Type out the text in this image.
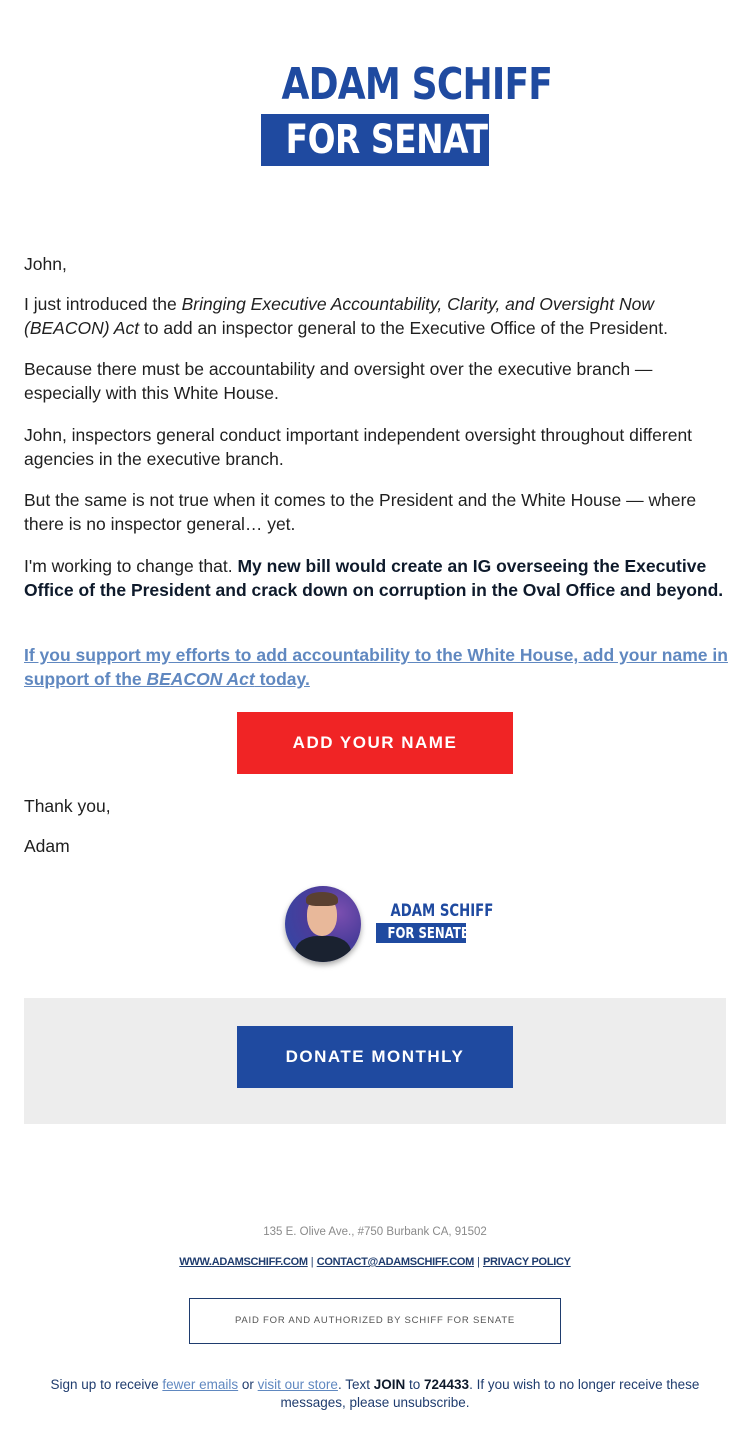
ADAM SCHIFF
FOR SENATE
John,
I just introduced the Bringing Executive Accountability, Clarity, and Oversight Now (BEACON) Act to add an inspector general to the Executive Office of the President.
Because there must be accountability and oversight over the executive branch — especially with this White House.
John, inspectors general conduct important independent oversight throughout different agencies in the executive branch.
But the same is not true when it comes to the President and the White House — where there is no inspector general… yet.
I'm working to change that. My new bill would create an IG overseeing the Executive Office of the President and crack down on corruption in the Oval Office and beyond.
If you support my efforts to add accountability to the White House, add your name in support of the BEACON Act today.
ADD YOUR NAME
Thank you,
Adam
ADAM SCHIFF
FOR SENATE
DONATE MONTHLY
135 E. Olive Ave., #750 Burbank CA, 91502
WWW.ADAMSCHIFF.COM | CONTACT@ADAMSCHIFF.COM | PRIVACY POLICY
PAID FOR AND AUTHORIZED BY SCHIFF FOR SENATE
Sign up to receive fewer emails or visit our store. Text JOIN to 724433. If you wish to no longer receive these messages, please unsubscribe.
